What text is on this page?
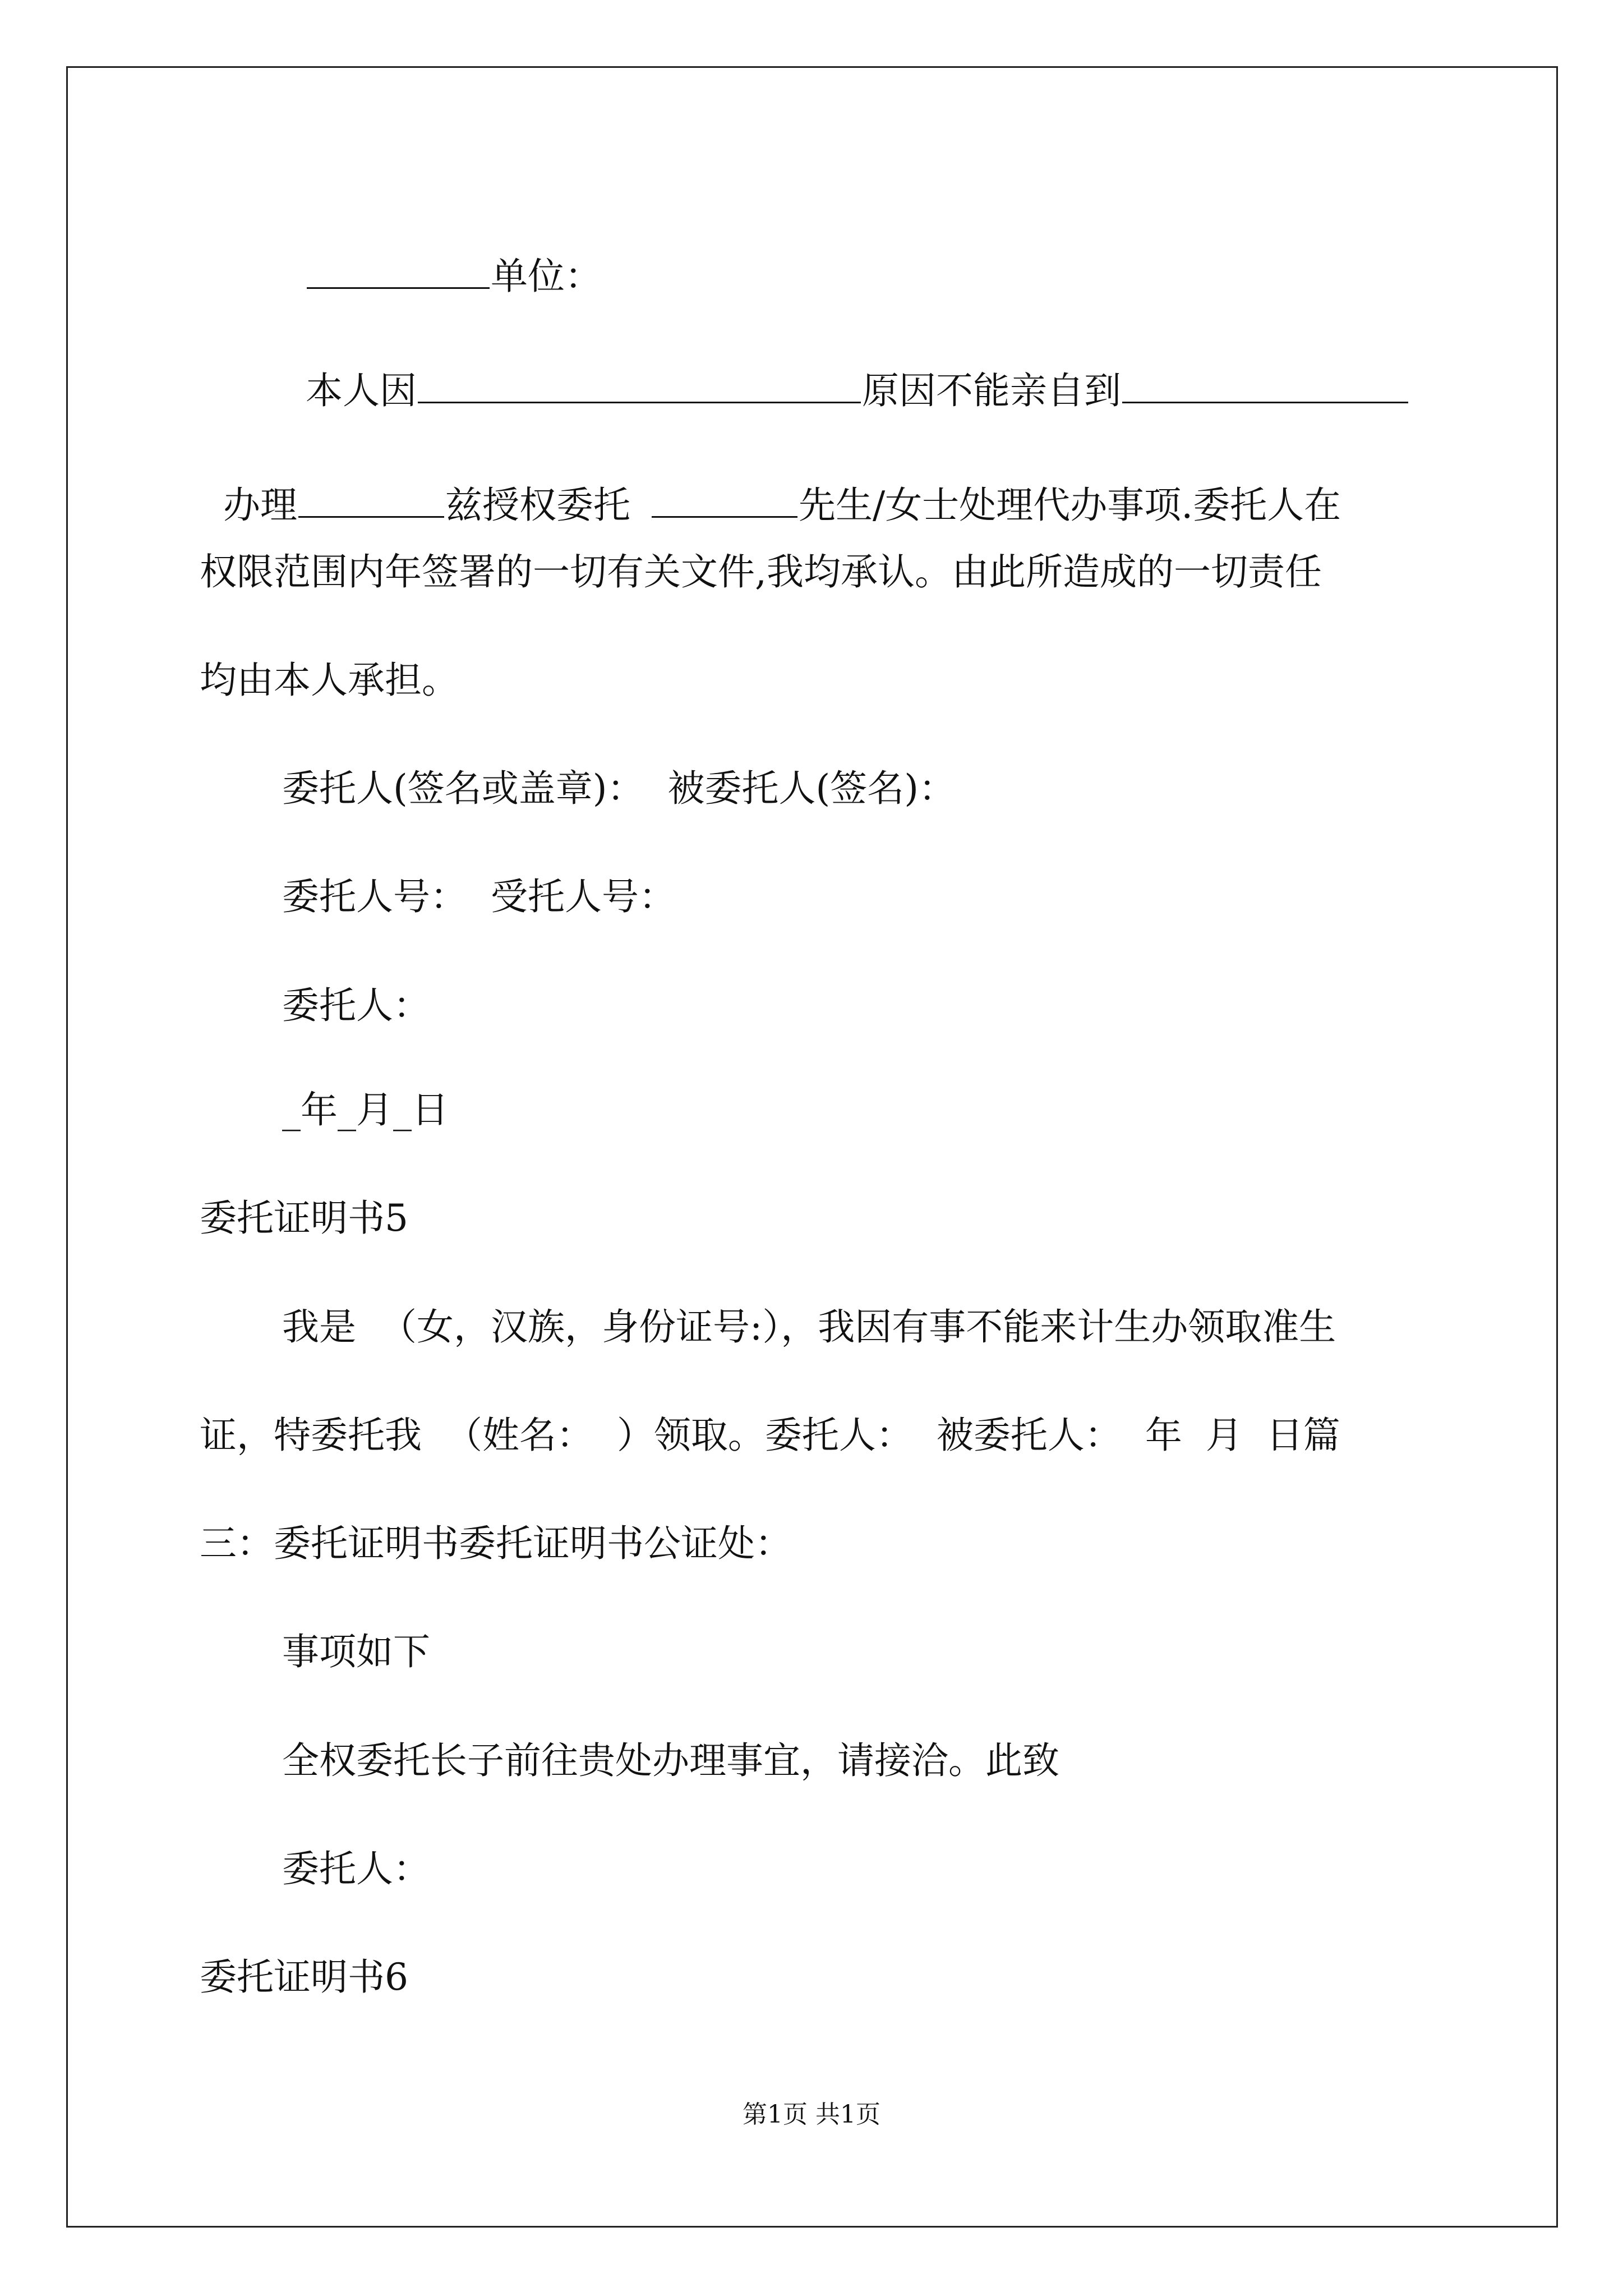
单位：

本人因	原因不能亲自到

办理	兹授权委托	先生/女士处理代办事项.委托人在

权限范围内年签署的一切有关文件,我均承认。由此所造成的一切责任
均由本人承担。
委托人(签名或盖章)：  被委托人(签名)：
委托人号：  受托人号：
委托人：
_年_月_日
委托证明书5
我是  （女，汉族，身份证号:），我因有事不能来计生办领取准生
证，特委托我  （姓名：  ）领取。委托人：  被委托人：  年  月  日篇
三：委托证明书委托证明书公证处：
事项如下
全权委托长子前往贵处办理事宜，请接洽。此致
委托人：
委托证明书6
第1页 共1页
